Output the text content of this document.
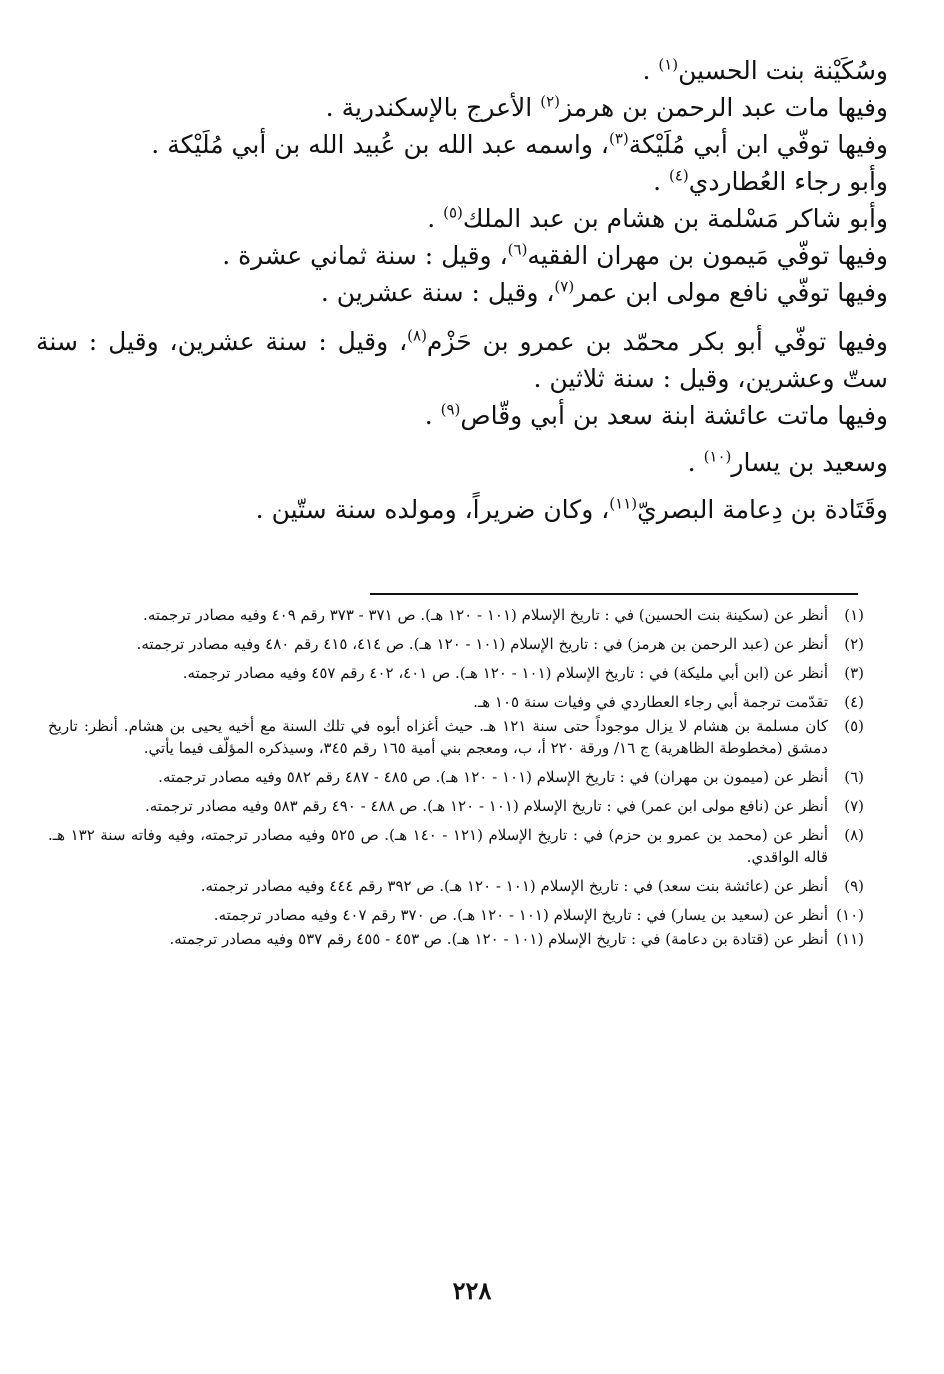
وسُكَيْنة بنت الحسين$^{(١)}$ .

وفيها مات عبد الرحمن بن هرمز$^{(٢)}$ الأعرج بالإسكندرية .

وفيها توفّي ابن أبي مُلَيْكة$^{(٣)}$، واسمه عبد الله بن عُبيد الله بن أبي مُلَيْكة .

وأبو رجاء العُطاردي$^{(٤)}$ .

وأبو شاكر مَسْلمة بن هشام بن عبد الملك$^{(٥)}$ .

وفيها توفّي مَيمون بن مهران الفقيه$^{(٦)}$، وقيل : سنة ثماني عشرة .

وفيها توفّي نافع مولى ابن عمر$^{(٧)}$، وقيل : سنة عشرين .

وفيها توفّي أبو بكر محمّد بن عمرو بن حَزْم$^{(٨)}$، وقيل : سنة عشرين، وقيل : سنة ستّ وعشرين، وقيل : سنة ثلاثين .

وفيها ماتت عائشة ابنة سعد بن أبي وقّاص$^{(٩)}$ .

وسعيد بن يسار$^{(١٠)}$ .

وقَتَادة بن دِعامة البصريّ$^{(١١)}$، وكان ضريراً، ومولده سنة ستّين .

(١)
أنظر عن (سكينة بنت الحسين) في : تاريخ الإسلام (١٠١ - ١٢٠ هـ). ص ٣٧١ - ٣٧٣ رقم ٤٠٩ وفيه مصادر ترجمته.
(٢)
أنظر عن (عبد الرحمن بن هرمز) في : تاريخ الإسلام (١٠١ - ١٢٠ هـ). ص ٤١٤، ٤١٥ رقم ٤٨٠ وفيه مصادر ترجمته.
(٣)
أنظر عن (ابن أبي مليكة) في : تاريخ الإسلام (١٠١ - ١٢٠ هـ). ص ٤٠١، ٤٠٢ رقم ٤٥٧ وفيه مصادر ترجمته.
(٤)
تقدّمت ترجمة أبي رجاء العطاردي في وفيات سنة ١٠٥ هـ.
(٥)
كان مسلمة بن هشام لا يزال موجوداً حتى سنة ١٢١ هـ. حيث أغزاه أبوه في تلك السنة مع أخيه يحيى بن هشام. أنظر: تاريخ دمشق (مخطوطة الظاهرية) ج ١٦/ ورقة ٢٢٠ أ، ب، ومعجم بني أمية ١٦٥ رقم ٣٤٥، وسيذكره المؤلّف فيما يأتي.
(٦)
أنظر عن (ميمون بن مهران) في : تاريخ الإسلام (١٠١ - ١٢٠ هـ). ص ٤٨٥ - ٤٨٧ رقم ٥٨٢ وفيه مصادر ترجمته.
(٧)
أنظر عن (نافع مولى ابن عمر) في : تاريخ الإسلام (١٠١ - ١٢٠ هـ). ص ٤٨٨ - ٤٩٠ رقم ٥٨٣ وفيه مصادر ترجمته.
(٨)
أنظر عن (محمد بن عمرو بن حزم) في : تاريخ الإسلام (١٢١ - ١٤٠ هـ). ص ٥٢٥ وفيه مصادر ترجمته، وفيه وفاته سنة ١٣٢ هـ. قاله الواقدي.
(٩)
أنظر عن (عائشة بنت سعد) في : تاريخ الإسلام (١٠١ - ١٢٠ هـ). ص ٣٩٢ رقم ٤٤٤ وفيه مصادر ترجمته.
(١٠)
أنظر عن (سعيد بن يسار) في : تاريخ الإسلام (١٠١ - ١٢٠ هـ). ص ٣٧٠ رقم ٤٠٧ وفيه مصادر ترجمته.
(١١)
أنظر عن (قتادة بن دعامة) في : تاريخ الإسلام (١٠١ - ١٢٠ هـ). ص ٤٥٣ - ٤٥٥ رقم ٥٣٧ وفيه مصادر ترجمته.
٢٢٨
